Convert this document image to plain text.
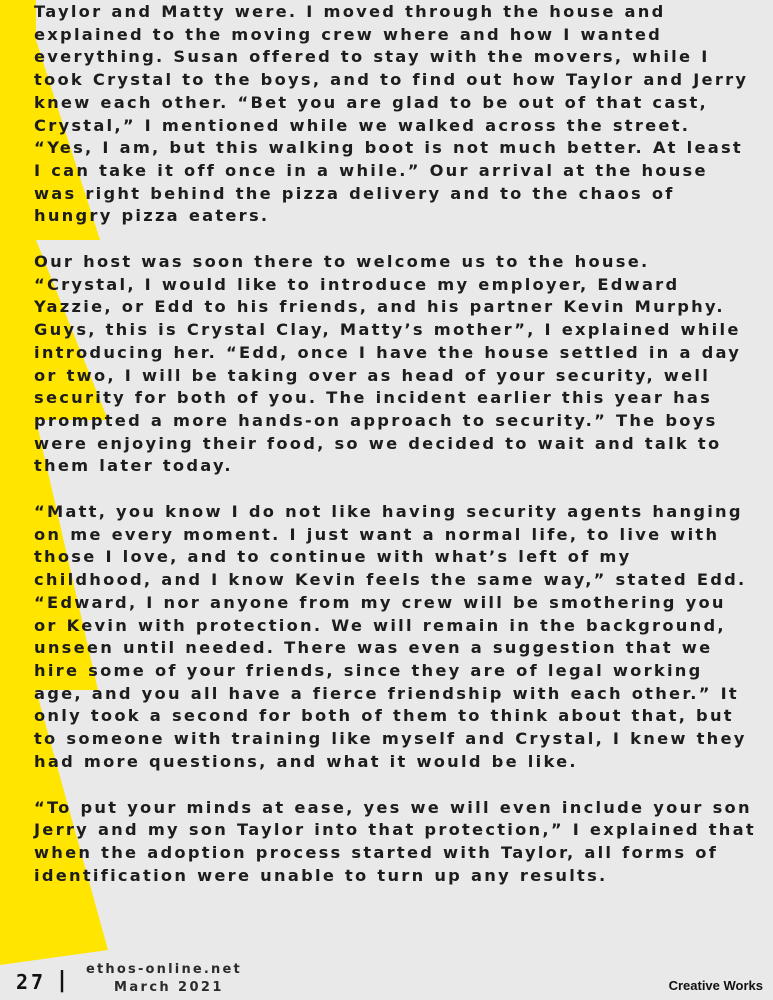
Taylor and Matty were. I moved through the house and explained to the moving crew where and how I wanted everything. Susan offered to stay with the movers, while I took Crystal to the boys, and to find out how Taylor and Jerry knew each other. “Bet you are glad to be out of that cast, Crystal,” I mentioned while we walked across the street. “Yes, I am, but this walking boot is not much better. At least I can take it off once in a while.” Our arrival at the house was right behind the pizza delivery and to the chaos of hungry pizza eaters.

Our host was soon there to welcome us to the house. “Crystal, I would like to introduce my employer, Edward Yazzie, or Edd to his friends, and his partner Kevin Murphy. Guys, this is Crystal Clay, Matty’s mother”, I explained while introducing her. “Edd, once I have the house settled in a day or two, I will be taking over as head of your security, well security for both of you. The incident earlier this year has prompted a more hands-on approach to security.” The boys were enjoying their food, so we decided to wait and talk to them later today.

“Matt, you know I do not like having security agents hanging on me every moment. I just want a normal life, to live with those I love, and to continue with what’s left of my childhood, and I know Kevin feels the same way,” stated Edd. “Edward, I nor anyone from my crew will be smothering you or Kevin with protection. We will remain in the background, unseen until needed. There was even a suggestion that we hire some of your friends, since they are of legal working age, and you all have a fierce friendship with each other.” It only took a second for both of them to think about that, but to someone with training like myself and Crystal, I knew they had more questions, and what it would be like.

“To put your minds at ease, yes we will even include your son Jerry and my son Taylor into that protection,” I explained that when the adoption process started with Taylor, all forms of identification were unable to turn up any results.

27 | ethos-online.net
March 2021	Creative Works
